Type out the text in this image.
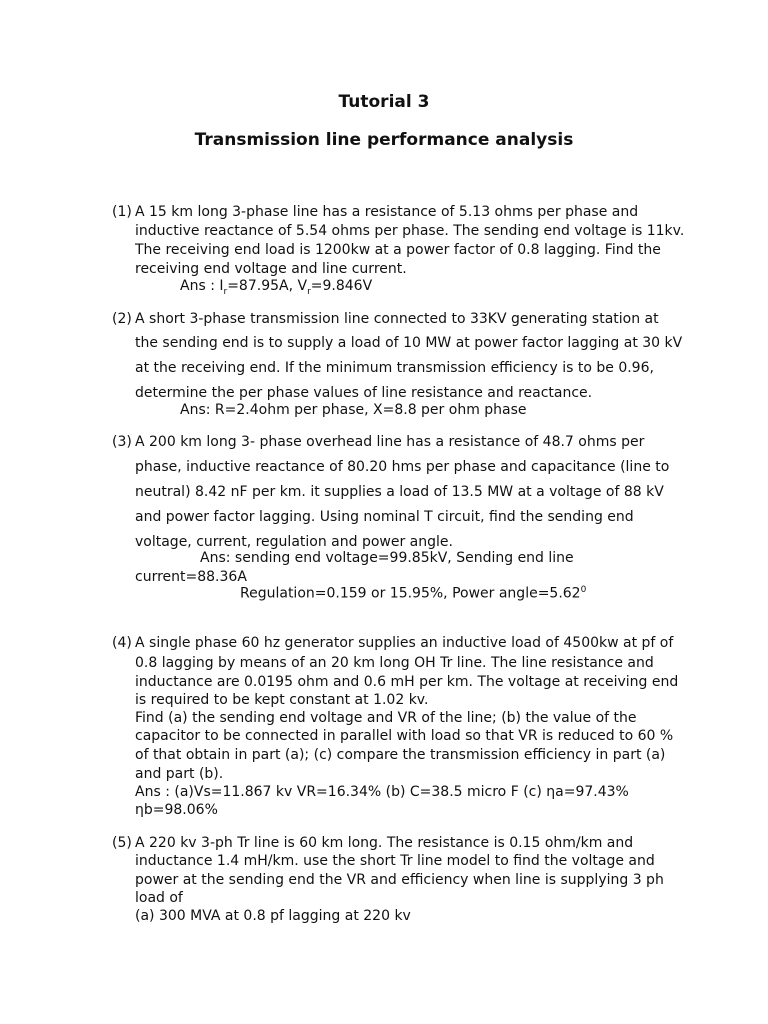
Tutorial 3
Transmission line performance analysis
(1) A 15 km long 3-phase line has a resistance of 5.13 ohms per phase and
inductive reactance of 5.54 ohms per phase. The sending end voltage is 11kv.
The receiving end load is 1200kw at a power factor of 0.8 lagging. Find the
receiving end voltage and line current.
Ans : $I_r=87.95A$, $V_r=9.846V$
(2) A short 3-phase transmission line connected to 33KV generating station at
the sending end is to supply a load of 10 MW at power factor lagging at 30 kV
at the receiving end. If the minimum transmission efficiency is to be 0.96,
determine the per phase values of line resistance and reactance.
Ans: R=2.4ohm per phase, X=8.8 per ohm phase
(3) A 200 km long 3- phase overhead line has a resistance of 48.7 ohms per
phase, inductive reactance of 80.20 hms per phase and capacitance (line to
neutral) 8.42 nF per km. it supplies a load of 13.5 MW at a voltage of 88 kV
and power factor lagging. Using nominal T circuit, find the sending end
voltage, current, regulation and power angle.
Ans: sending end voltage=99.85kV, Sending end line
current=88.36A
Regulation=0.159 or 15.95%, Power $angle=5.62^0$
(4) A single phase 60 hz generator supplies an inductive load of 4500kw at pf of
0.8 lagging by means of an 20 km long OH Tr line. The line resistance and
inductance are 0.0195 ohm and 0.6 mH per km. The voltage at receiving end
is required to be kept constant at 1.02 kv.
Find (a) the sending end voltage and VR of the line; (b) the value of the
capacitor to be connected in parallel with load so that VR is reduced to 60 %
of that obtain in part (a); (c) compare the transmission efficiency in part (a)
and part (b).
Ans : (a)Vs=11.867 kv VR=16.34% (b) C=38.5 micro F (c) ηa=97.43%
ηb=98.06%
(5) A 220 kv 3-ph Tr line is 60 km long. The resistance is 0.15 ohm/km and
inductance 1.4 mH/km. use the short Tr line model to find the voltage and
power at the sending end the VR and efficiency when line is supplying 3 ph
load of
(a) 300 MVA at 0.8 pf lagging at 220 kv
